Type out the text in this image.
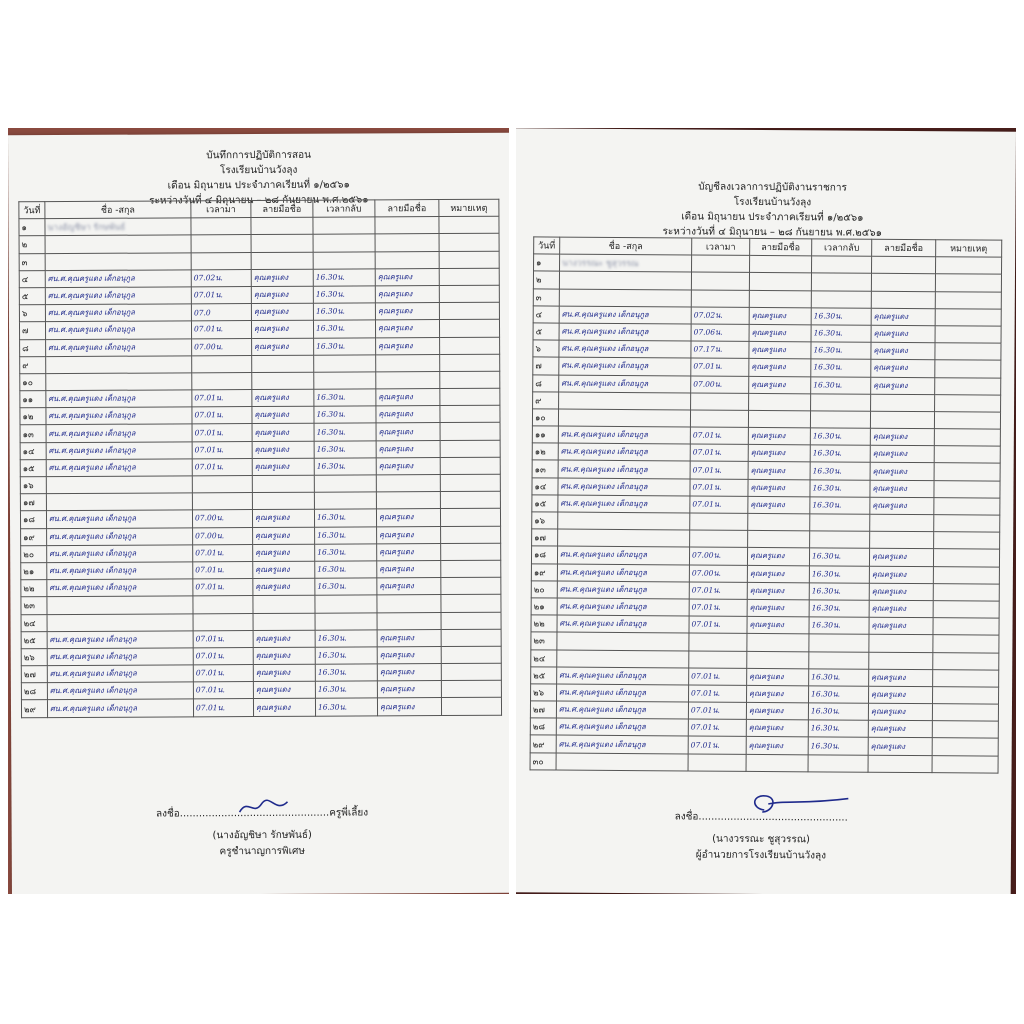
บันทึกการปฏิบัติการสอน
โรงเรียนบ้านวังลุง
เดือน มิถุนายน ประจำภาคเรียนที่ ๑/๒๕๖๑
ระหว่างวันที่ ๔ มิถุนายน – ๒๘ กันยายน พ.ศ.๒๕๖๑
วันที่	ชื่อ -สกุล	เวลามา	ลายมือชื่อ	เวลากลับ	ลายมือชื่อ	หมายเหตุ
๑	นางอัญชิษา รักษพันธ์					
๒						
๓						
๔	ศน.ศ.คุณครูแดง เด็กอนุกูล	07.02น.	คุณครูแดง	16.30น.	คุณครูแดง	
๕	ศน.ศ.คุณครูแดง เด็กอนุกูล	07.01น.	คุณครูแดง	16.30น.	คุณครูแดง	
๖	ศน.ศ.คุณครูแดง เด็กอนุกูล	07.0	คุณครูแดง	16.30น.	คุณครูแดง	
๗	ศน.ศ.คุณครูแดง เด็กอนุกูล	07.01น.	คุณครูแดง	16.30น.	คุณครูแดง	
๘	ศน.ศ.คุณครูแดง เด็กอนุกูล	07.00น.	คุณครูแดง	16.30น.	คุณครูแดง	
๙						
๑๐						
๑๑	ศน.ศ.คุณครูแดง เด็กอนุกูล	07.01น.	คุณครูแดง	16.30น.	คุณครูแดง	
๑๒	ศน.ศ.คุณครูแดง เด็กอนุกูล	07.01น.	คุณครูแดง	16.30น.	คุณครูแดง	
๑๓	ศน.ศ.คุณครูแดง เด็กอนุกูล	07.01น.	คุณครูแดง	16.30น.	คุณครูแดง	
๑๔	ศน.ศ.คุณครูแดง เด็กอนุกูล	07.01น.	คุณครูแดง	16.30น.	คุณครูแดง	
๑๕	ศน.ศ.คุณครูแดง เด็กอนุกูล	07.01น.	คุณครูแดง	16.30น.	คุณครูแดง	
๑๖						
๑๗						
๑๘	ศน.ศ.คุณครูแดง เด็กอนุกูล	07.00น.	คุณครูแดง	16.30น.	คุณครูแดง	
๑๙	ศน.ศ.คุณครูแดง เด็กอนุกูล	07.00น.	คุณครูแดง	16.30น.	คุณครูแดง	
๒๐	ศน.ศ.คุณครูแดง เด็กอนุกูล	07.01น.	คุณครูแดง	16.30น.	คุณครูแดง	
๒๑	ศน.ศ.คุณครูแดง เด็กอนุกูล	07.01น.	คุณครูแดง	16.30น.	คุณครูแดง	
๒๒	ศน.ศ.คุณครูแดง เด็กอนุกูล	07.01น.	คุณครูแดง	16.30น.	คุณครูแดง	
๒๓						
๒๔						
๒๕	ศน.ศ.คุณครูแดง เด็กอนุกูล	07.01น.	คุณครูแดง	16.30น.	คุณครูแดง	
๒๖	ศน.ศ.คุณครูแดง เด็กอนุกูล	07.01น.	คุณครูแดง	16.30น.	คุณครูแดง	
๒๗	ศน.ศ.คุณครูแดง เด็กอนุกูล	07.01น.	คุณครูแดง	16.30น.	คุณครูแดง	
๒๘	ศน.ศ.คุณครูแดง เด็กอนุกูล	07.01น.	คุณครูแดง	16.30น.	คุณครูแดง	
๒๙	ศน.ศ.คุณครูแดง เด็กอนุกูล	07.01น.	คุณครูแดง	16.30น.	คุณครูแดง	
ลงชื่อ...............................................ครูพี่เลี้ยง
(นางอัญชิษา รักษพันธ์)
ครูชำนาญการพิเศษ
บัญชีลงเวลาการปฏิบัติงานราชการ
โรงเรียนบ้านวังลุง
เดือน มิถุนายน ประจำภาคเรียนที่ ๑/๒๕๖๑
ระหว่างวันที่ ๔ มิถุนายน – ๒๘ กันยายน พ.ศ.๒๕๖๑
วันที่	ชื่อ -สกุล	เวลามา	ลายมือชื่อ	เวลากลับ	ลายมือชื่อ	หมายเหตุ
๑	นางวรรณะ ชูสุวรรณ					
๒						
๓						
๔	ศน.ศ.คุณครูแดง เด็กอนุกูล	07.02น.	คุณครูแดง	16.30น.	คุณครูแดง	
๕	ศน.ศ.คุณครูแดง เด็กอนุกูล	07.06น.	คุณครูแดง	16.30น.	คุณครูแดง	
๖	ศน.ศ.คุณครูแดง เด็กอนุกูล	07.17น.	คุณครูแดง	16.30น.	คุณครูแดง	
๗	ศน.ศ.คุณครูแดง เด็กอนุกูล	07.01น.	คุณครูแดง	16.30น.	คุณครูแดง	
๘	ศน.ศ.คุณครูแดง เด็กอนุกูล	07.00น.	คุณครูแดง	16.30น.	คุณครูแดง	
๙						
๑๐						
๑๑	ศน.ศ.คุณครูแดง เด็กอนุกูล	07.01น.	คุณครูแดง	16.30น.	คุณครูแดง	
๑๒	ศน.ศ.คุณครูแดง เด็กอนุกูล	07.01น.	คุณครูแดง	16.30น.	คุณครูแดง	
๑๓	ศน.ศ.คุณครูแดง เด็กอนุกูล	07.01น.	คุณครูแดง	16.30น.	คุณครูแดง	
๑๔	ศน.ศ.คุณครูแดง เด็กอนุกูล	07.01น.	คุณครูแดง	16.30น.	คุณครูแดง	
๑๕	ศน.ศ.คุณครูแดง เด็กอนุกูล	07.01น.	คุณครูแดง	16.30น.	คุณครูแดง	
๑๖						
๑๗						
๑๘	ศน.ศ.คุณครูแดง เด็กอนุกูล	07.00น.	คุณครูแดง	16.30น.	คุณครูแดง	
๑๙	ศน.ศ.คุณครูแดง เด็กอนุกูล	07.00น.	คุณครูแดง	16.30น.	คุณครูแดง	
๒๐	ศน.ศ.คุณครูแดง เด็กอนุกูล	07.01น.	คุณครูแดง	16.30น.	คุณครูแดง	
๒๑	ศน.ศ.คุณครูแดง เด็กอนุกูล	07.01น.	คุณครูแดง	16.30น.	คุณครูแดง	
๒๒	ศน.ศ.คุณครูแดง เด็กอนุกูล	07.01น.	คุณครูแดง	16.30น.	คุณครูแดง	
๒๓						
๒๔						
๒๕	ศน.ศ.คุณครูแดง เด็กอนุกูล	07.01น.	คุณครูแดง	16.30น.	คุณครูแดง	
๒๖	ศน.ศ.คุณครูแดง เด็กอนุกูล	07.01น.	คุณครูแดง	16.30น.	คุณครูแดง	
๒๗	ศน.ศ.คุณครูแดง เด็กอนุกูล	07.01น.	คุณครูแดง	16.30น.	คุณครูแดง	
๒๘	ศน.ศ.คุณครูแดง เด็กอนุกูล	07.01น.	คุณครูแดง	16.30น.	คุณครูแดง	
๒๙	ศน.ศ.คุณครูแดง เด็กอนุกูล	07.01น.	คุณครูแดง	16.30น.	คุณครูแดง	
๓๐						
ลงชื่อ...............................................
(นางวรรณะ ชูสุวรรณ)
ผู้อำนวยการโรงเรียนบ้านวังลุง
